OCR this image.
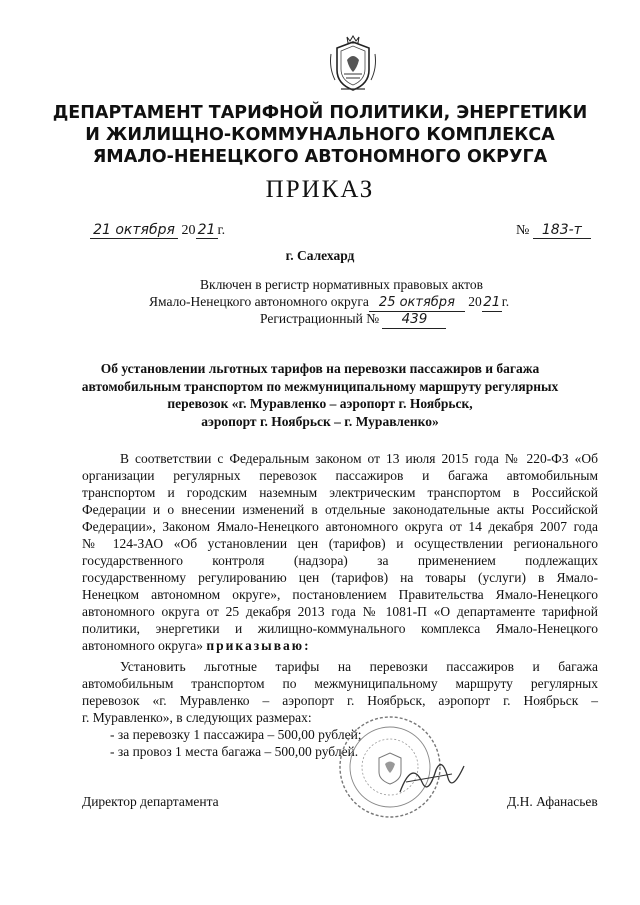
ДЕПАРТАМЕНТ ТАРИФНОЙ ПОЛИТИКИ, ЭНЕРГЕТИКИ
И ЖИЛИЩНО-КОММУНАЛЬНОГО КОМПЛЕКСА
ЯМАЛО-НЕНЕЦКОГО АВТОНОМНОГО ОКРУГА
ПРИКАЗ
21 октября 20 21 г.	№ 183-т
г. Салехард
Включен в регистр нормативных правовых актов
Ямало-Ненецкого автономного округа 25 октября 2021г.
Регистрационный № 439
Об установлении льготных тарифов на перевозки пассажиров и багажа
автомобильным транспортом по межмуниципальному маршруту регулярных
перевозок «г. Муравленко – аэропорт г. Ноябрьск,
аэропорт г. Ноябрьск – г. Муравленко»
В соответствии с Федеральным законом от 13 июля 2015 года № 220-ФЗ «Об
организации регулярных перевозок пассажиров и багажа автомобильным
транспортом и городским наземным электрическим транспортом в Российской
Федерации и о внесении изменений в отдельные законодательные акты Российской
Федерации», Законом Ямало-Ненецкого автономного округа от 14 декабря 2007 года
№ 124-ЗАО «Об установлении цен (тарифов) и осуществлении регионального
государственного контроля (надзора) за применением подлежащих
государственному регулированию цен (тарифов) на товары (услуги) в Ямало-
Ненецком автономном округе», постановлением Правительства Ямало-Ненецкого
автономного округа от 25 декабря 2013 года № 1081-П «О департаменте тарифной
политики, энергетики и жилищно-коммунального комплекса Ямало-Ненецкого
автономного округа» приказываю:
Установить льготные тарифы на перевозки пассажиров и багажа
автомобильным транспортом по межмуниципальному маршруту регулярных
перевозок «г. Муравленко – аэропорт г. Ноябрьск, аэропорт г. Ноябрьск –
г. Муравленко», в следующих размерах:
- за перевозку 1 пассажира – 500,00 рублей;
- за провоз 1 места багажа – 500,00 рублей.
Директор департамента	Д.Н. Афанасьев
